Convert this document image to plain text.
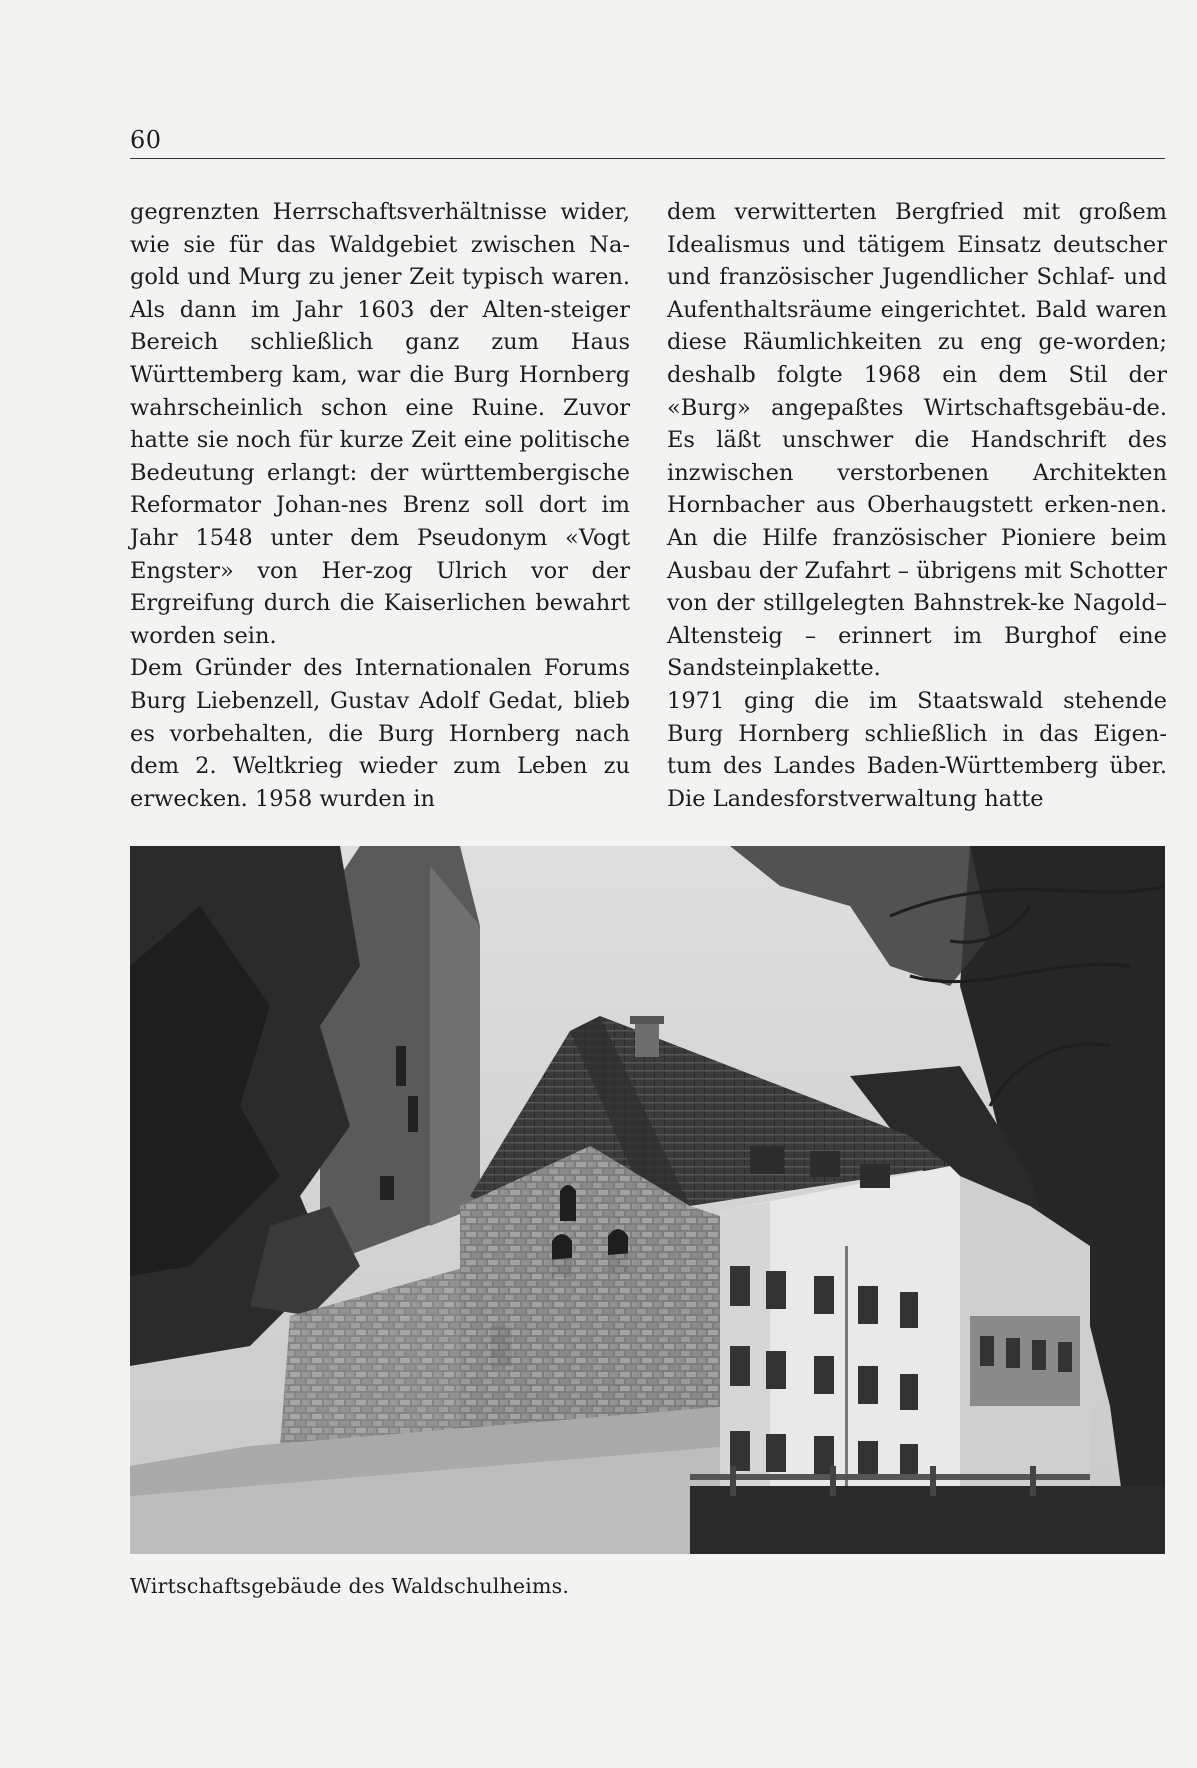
60

gegrenzten Herrschaftsverhältnisse wider, wie sie für das Waldgebiet zwischen Na-gold und Murg zu jener Zeit typisch waren. Als dann im Jahr 1603 der Alten-steiger Bereich schließlich ganz zum Haus Württemberg kam, war die Burg Hornberg wahrscheinlich schon eine Ruine. Zuvor hatte sie noch für kurze Zeit eine politische Bedeutung erlangt: der württembergische Reformator Johan-nes Brenz soll dort im Jahr 1548 unter dem Pseudonym «Vogt Engster» von Her-zog Ulrich vor der Ergreifung durch die Kaiserlichen bewahrt worden sein.

Dem Gründer des Internationalen Forums Burg Liebenzell, Gustav Adolf Gedat, blieb es vorbehalten, die Burg Hornberg nach dem 2. Weltkrieg wieder zum Leben zu erwecken. 1958 wurden in

dem verwitterten Bergfried mit großem Idealismus und tätigem Einsatz deutscher und französischer Jugendlicher Schlaf- und Aufenthaltsräume eingerichtet. Bald waren diese Räumlichkeiten zu eng ge-worden; deshalb folgte 1968 ein dem Stil der «Burg» angepaßtes Wirtschaftsgebäu-de. Es läßt unschwer die Handschrift des inzwischen verstorbenen Architekten Hornbacher aus Oberhaugstett erken-nen. An die Hilfe französischer Pioniere beim Ausbau der Zufahrt – übrigens mit Schotter von der stillgelegten Bahnstrek-ke Nagold–Altensteig – erinnert im Burghof eine Sandsteinplakette.

1971 ging die im Staatswald stehende Burg Hornberg schließlich in das Eigen-tum des Landes Baden-Württemberg über. Die Landesforstverwaltung hatte

Wirtschaftsgebäude des Waldschulheims.
